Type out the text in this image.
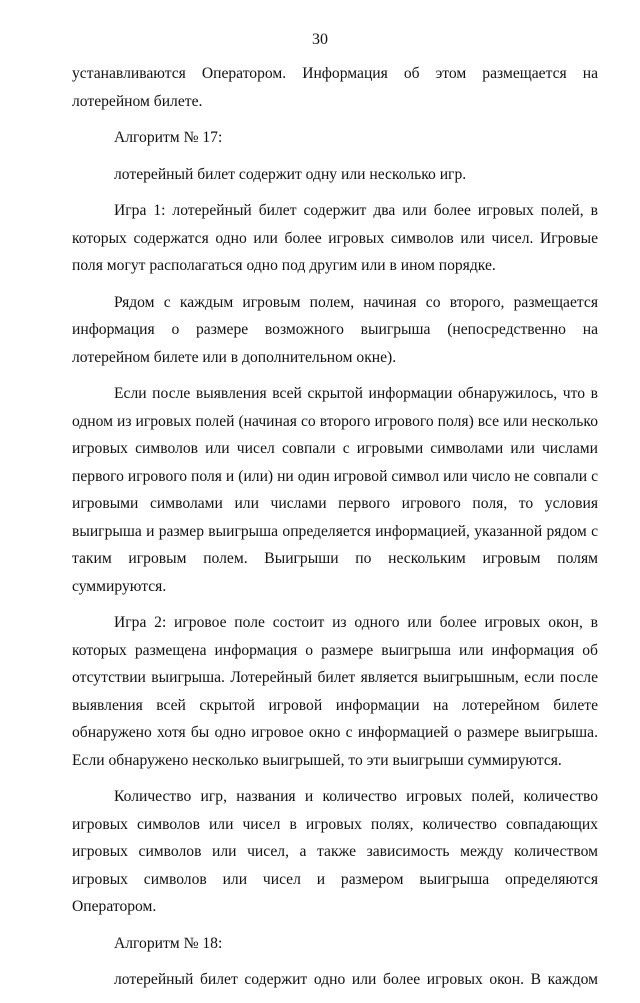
30

устанавливаются Оператором. Информация об этом размещается на лотерейном билете.

Алгоритм № 17:

лотерейный билет содержит одну или несколько игр.

Игра 1: лотерейный билет содержит два или более игровых полей, в которых содержатся одно или более игровых символов или чисел. Игровые поля могут располагаться одно под другим или в ином порядке.

Рядом с каждым игровым полем, начиная со второго, размещается информация о размере возможного выигрыша (непосредственно на лотерейном билете или в дополнительном окне).

Если после выявления всей скрытой информации обнаружилось, что в одном из игровых полей (начиная со второго игрового поля) все или несколько игровых символов или чисел совпали с игровыми символами или числами первого игрового поля и (или) ни один игровой символ или число не совпали с игровыми символами или числами первого игрового поля, то условия выигрыша и размер выигрыша определяется информацией, указанной рядом с таким игровым полем. Выигрыши по нескольким игровым полям суммируются.

Игра 2: игровое поле состоит из одного или более игровых окон, в которых размещена информация о размере выигрыша или информация об отсутствии выигрыша. Лотерейный билет является выигрышным, если после выявления всей скрытой игровой информации на лотерейном билете обнаружено хотя бы одно игровое окно с информацией о размере выигрыша. Если обнаружено несколько выигрышей, то эти выигрыши суммируются.

Количество игр, названия и количество игровых полей, количество игровых символов или чисел в игровых полях, количество совпадающих игровых символов или чисел, а также зависимость между количеством игровых символов или чисел и размером выигрыша определяются Оператором.

Алгоритм № 18:

лотерейный билет содержит одно или более игровых окон. В каждом
